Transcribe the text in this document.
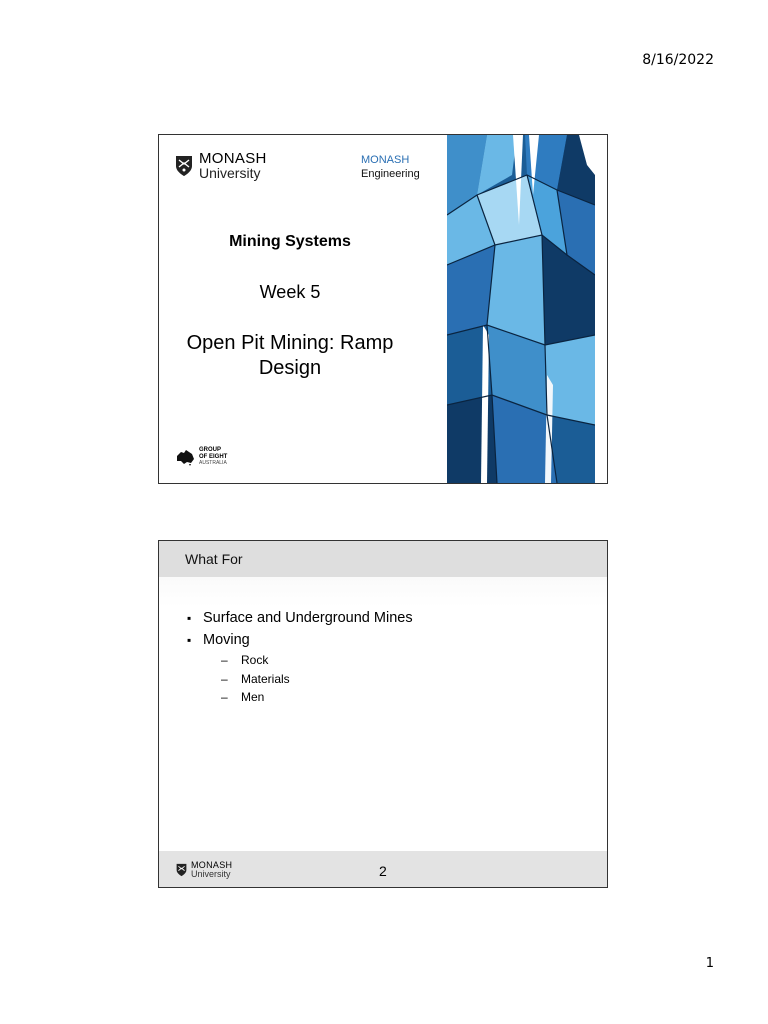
8/16/2022
MONASH
University
MONASH
Engineering
Mining Systems
Week 5
Open Pit Mining: Ramp
Design
GROUP
OF EIGHT
AUSTRALIA
What For
▪ Surface and Underground Mines
▪ Moving
– Rock
– Materials
– Men
MONASH
University	2
1
